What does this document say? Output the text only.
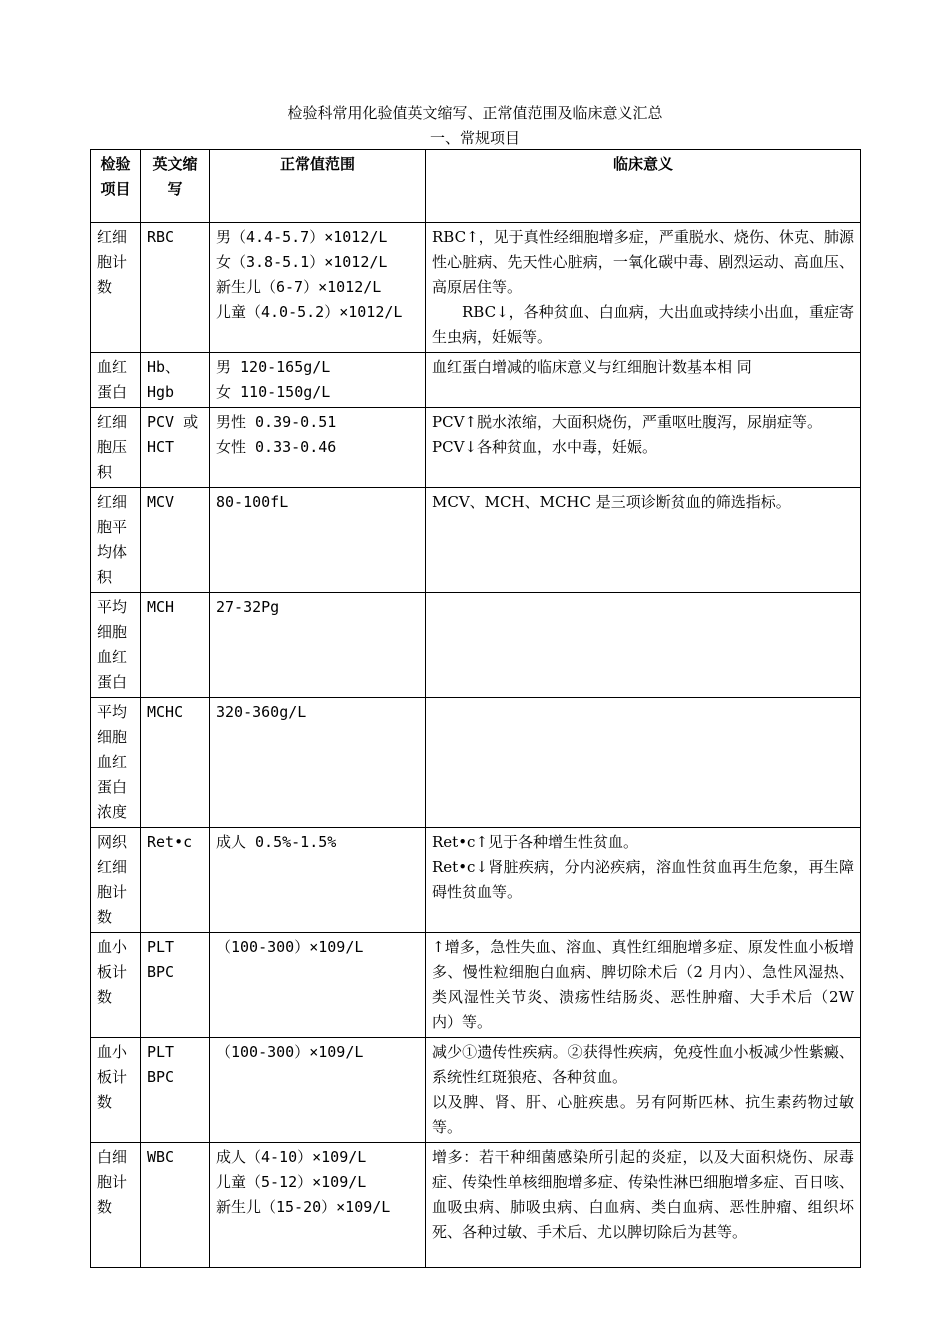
检验科常用化验值英文缩写、正常值范围及临床意义汇总
一、常规项目
检验项目	英文缩写	正常值范围	临床意义
红细胞计数	RBC	男（4.4-5.7）×1012/L
女（3.8-5.1）×1012/L
新生儿（6-7）×1012/L
儿童（4.0-5.2）×1012/L	RBC↑，见于真性经细胞增多症，严重脱水、烧伤、休克、肺源性心脏病、先天性心脏病，一氧化碳中毒、剧烈运动、高血压、高原居住等。
RBC↓，各种贫血、白血病，大出血或持续小出血，重症寄生虫病，妊娠等。

血红蛋白	Hb、Hgb	男 120-165g/L
女 110-150g/L	血红蛋白增减的临床意义与红细胞计数基本相 同

红细胞压积	PCV 或 HCT	男性 0.39-0.51
女性 0.33-0.46	PCV↑脱水浓缩，大面积烧伤，严重呕吐腹泻，尿崩症等。
PCV↓各种贫血，水中毒，妊娠。

红细胞平均体积	MCV	80-100fL	MCV、MCH、MCHC 是三项诊断贫血的筛选指标。

平均细胞血红蛋白	MCH	27-32Pg	

平均细胞血红蛋白浓度	MCHC	320-360g/L	

网织红细胞计数	Ret•c	成人 0.5%-1.5%	Ret•c↑见于各种增生性贫血。
Ret•c↓肾脏疾病，分内泌疾病，溶血性贫血再生危象，再生障碍性贫血等。

血小板计数	PLT BPC	（100-300）×109/L	↑增多，急性失血、溶血、真性红细胞增多症、原发性血小板增多、慢性粒细胞白血病、脾切除术后（2 月内）、急性风湿热、类风湿性关节炎、溃疡性结肠炎、恶性肿瘤、大手术后（2W 内）等。

血小板计数	PLT BPC	（100-300）×109/L	减少①遗传性疾病。②获得性疾病，免疫性血小板减少性紫癜、系统性红斑狼疮、各种贫血。
以及脾、肾、肝、心脏疾患。另有阿斯匹林、抗生素药物过敏等。

白细胞计数	WBC	成人（4-10）×109/L
儿童（5-12）×109/L
新生儿（15-20）×109/L	增多：若干种细菌感染所引起的炎症，以及大面积烧伤、尿毒症、传染性单核细胞增多症、传染性淋巴细胞增多症、百日咳、血吸虫病、肺吸虫病、白血病、类白血病、恶性肿瘤、组织坏死、各种过敏、手术后、尤以脾切除后为甚等。
